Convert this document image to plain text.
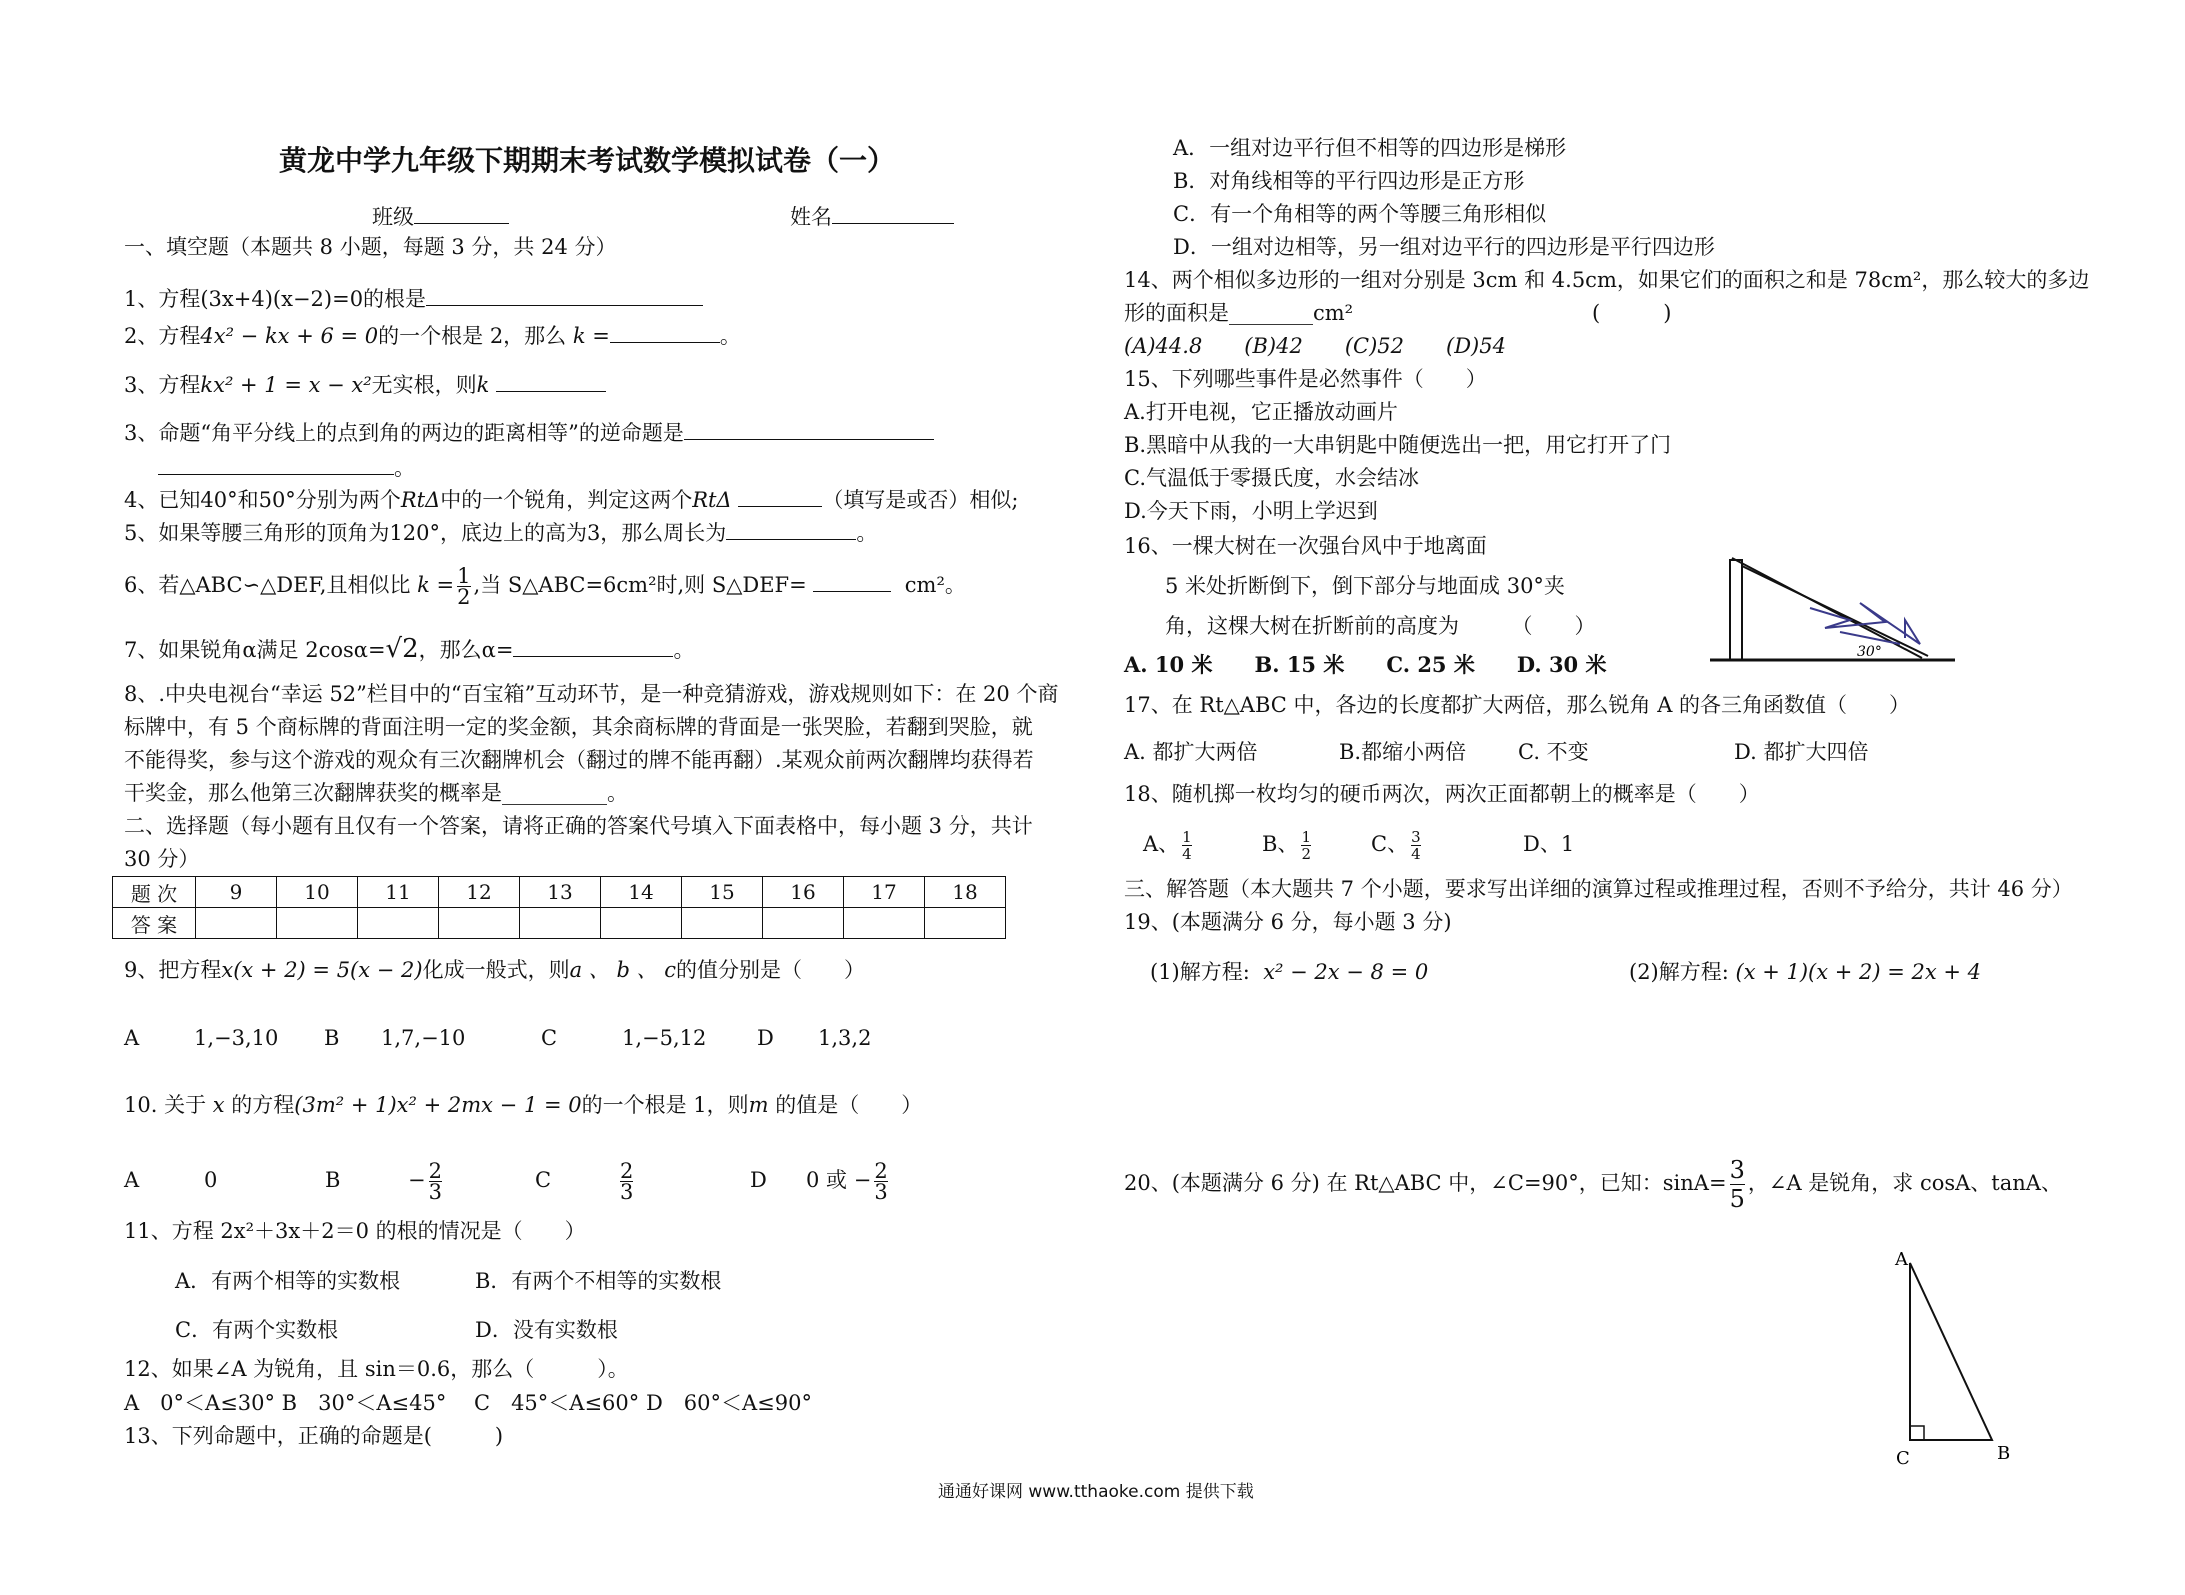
黄龙中学九年级下期期末考试数学模拟试卷（一）
班级	姓名
一、填空题（本题共 8 小题，每题 3 分，共 24 分）
1、方程(3x+4)(x−2)=0的根是
2、方程4x² − kx + 6 = 0的一个根是 2，那么 k =	。
3、方程kx² + 1 = x − x²无实根，则k
3、命题“角平分线上的点到角的两边的距离相等”的逆命题是
。
4、已知40°和50°分别为两个RtΔ中的一个锐角，判定这两个RtΔ	（填写是或否）相似;
5、如果等腰三角形的顶角为120°，底边上的高为3，那么周长为	。
6、若△ABC∽△DEF,且相似比 $k = \frac{1}{2}$ ,当 S△ABC=6cm²时,则 S△DEF=	cm²。
7、如果锐角α满足 2cosα=√2，那么α=	。
8、.中央电视台“幸运 52”栏目中的“百宝箱”互动环节，是一种竞猜游戏，游戏规则如下：在 20 个商
标牌中，有 5 个商标牌的背面注明一定的奖金额，其余商标牌的背面是一张哭脸，若翻到哭脸，就
不能得奖，参与这个游戏的观众有三次翻牌机会（翻过的牌不能再翻）.某观众前两次翻牌均获得若
干奖金，那么他第三次翻牌获奖的概率是__________。
二、选择题（每小题有且仅有一个答案，请将正确的答案代号填入下面表格中，每小题 3 分，共计
30 分）
题 次	9	10	11	12	13	14	15	16	17	18
答 案										
9、把方程x(x + 2) = 5(x − 2)化成一般式，则a 、 b 、 c的值分别是（　　）
A	1,−3,10 B 1,7,−10	C	1,−5,12 D 1,3,2
10. 关于 x 的方程(3m² + 1)x² + 2mx − 1 = 0的一个根是 1，则m 的值是（　　）
A	0	B	− $\frac{2}{3}$	C	$\frac{2}{3}$	D 0 或 − $\frac{2}{3}$
11、方程 2x²＋3x＋2＝0 的根的情况是（　　）
A．有两个相等的实数根	B．有两个不相等的实数根
C．有两个实数根	D．没有实数根
12、如果∠A 为锐角，且 sin＝0.6，那么（　　　）。
A　0°＜A≤30° B　30°＜A≤45°　 C　45°＜A≤60° D　60°＜A≤90°
13、下列命题中，正确的命题是(　　　)
A．一组对边平行但不相等的四边形是梯形
B．对角线相等的平行四边形是正方形
C．有一个角相等的两个等腰三角形相似
D．一组对边相等，另一组对边平行的四边形是平行四边形
14、两个相似多边形的一组对分别是 3cm 和 4.5cm，如果它们的面积之和是 78cm²，那么较大的多边
形的面积是________cm²	(　　　)
(A)44.8　　(B)42　　(C)52　　(D)54
15、下列哪些事件是必然事件（　　）
A.打开电视，它正播放动画片
B.黑暗中从我的一大串钥匙中随便选出一把，用它打开了门
C.气温低于零摄氏度，水会结冰
D.今天下雨，小明上学迟到
16、一棵大树在一次强台风中于地离面
5 米处折断倒下，倒下部分与地面成 30°夹
角，这棵大树在折断前的高度为　　　（　　）
A. 10 米　　B. 15 米　　C. 25 米　　D. 30 米	30°
17、在 Rt△ABC 中，各边的长度都扩大两倍，那么锐角 A 的各三角函数值（　　）
A. 都扩大两倍	B.都缩小两倍 C. 不变	D. 都扩大四倍
18、随机掷一枚均匀的硬币两次，两次正面都朝上的概率是（　　）
A、 $\frac{1}{4}$	B、 $\frac{1}{2}$	C、 $\frac{3}{4}$	D、1
三、解答题（本大题共 7 个小题，要求写出详细的演算过程或推理过程，否则不予给分，共计 46 分）
19、(本题满分 6 分，每小题 3 分)
(1)解方程: x² − 2x − 8 = 0	(2)解方程: (x + 1)(x + 2) = 2x + 4
20、(本题满分 6 分) 在 Rt△ABC 中，∠C=90°，已知：$\sin A= \frac{3}{5}$ ，∠A 是锐角，求 cosA、tanA、
A
C	B
通通好课网 www.tthaoke.com 提供下载
